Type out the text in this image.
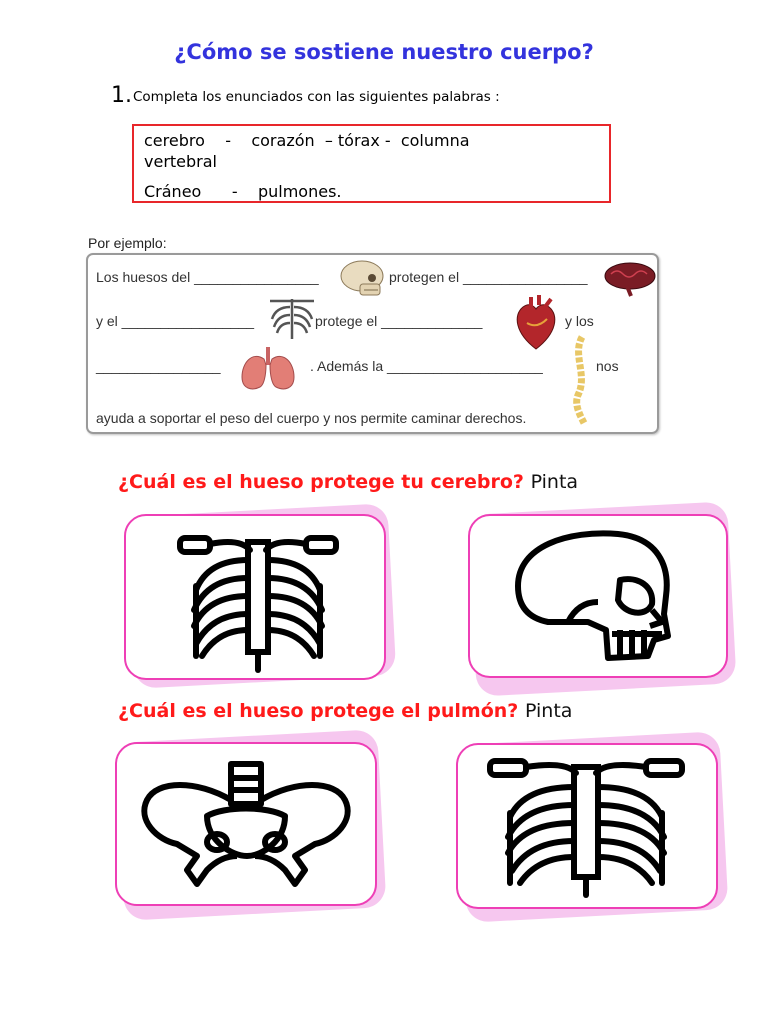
¿Cómo se sostiene nuestro cuerpo?
1. Completa los enunciados con las siguientes palabras :
cerebro    -    corazón  – tórax -  columna
vertebral
Cráneo      -    pulmones.
Por ejemplo:
Los huesos del ________________	protegen el ________________
y el _________________	protege el _____________	y los
________________	. Además la ____________________	nos
ayuda a soportar el peso del cuerpo y nos permite caminar derechos.
¿Cuál es el hueso protege tu cerebro? Pinta
¿Cuál es el hueso protege el pulmón? Pinta
